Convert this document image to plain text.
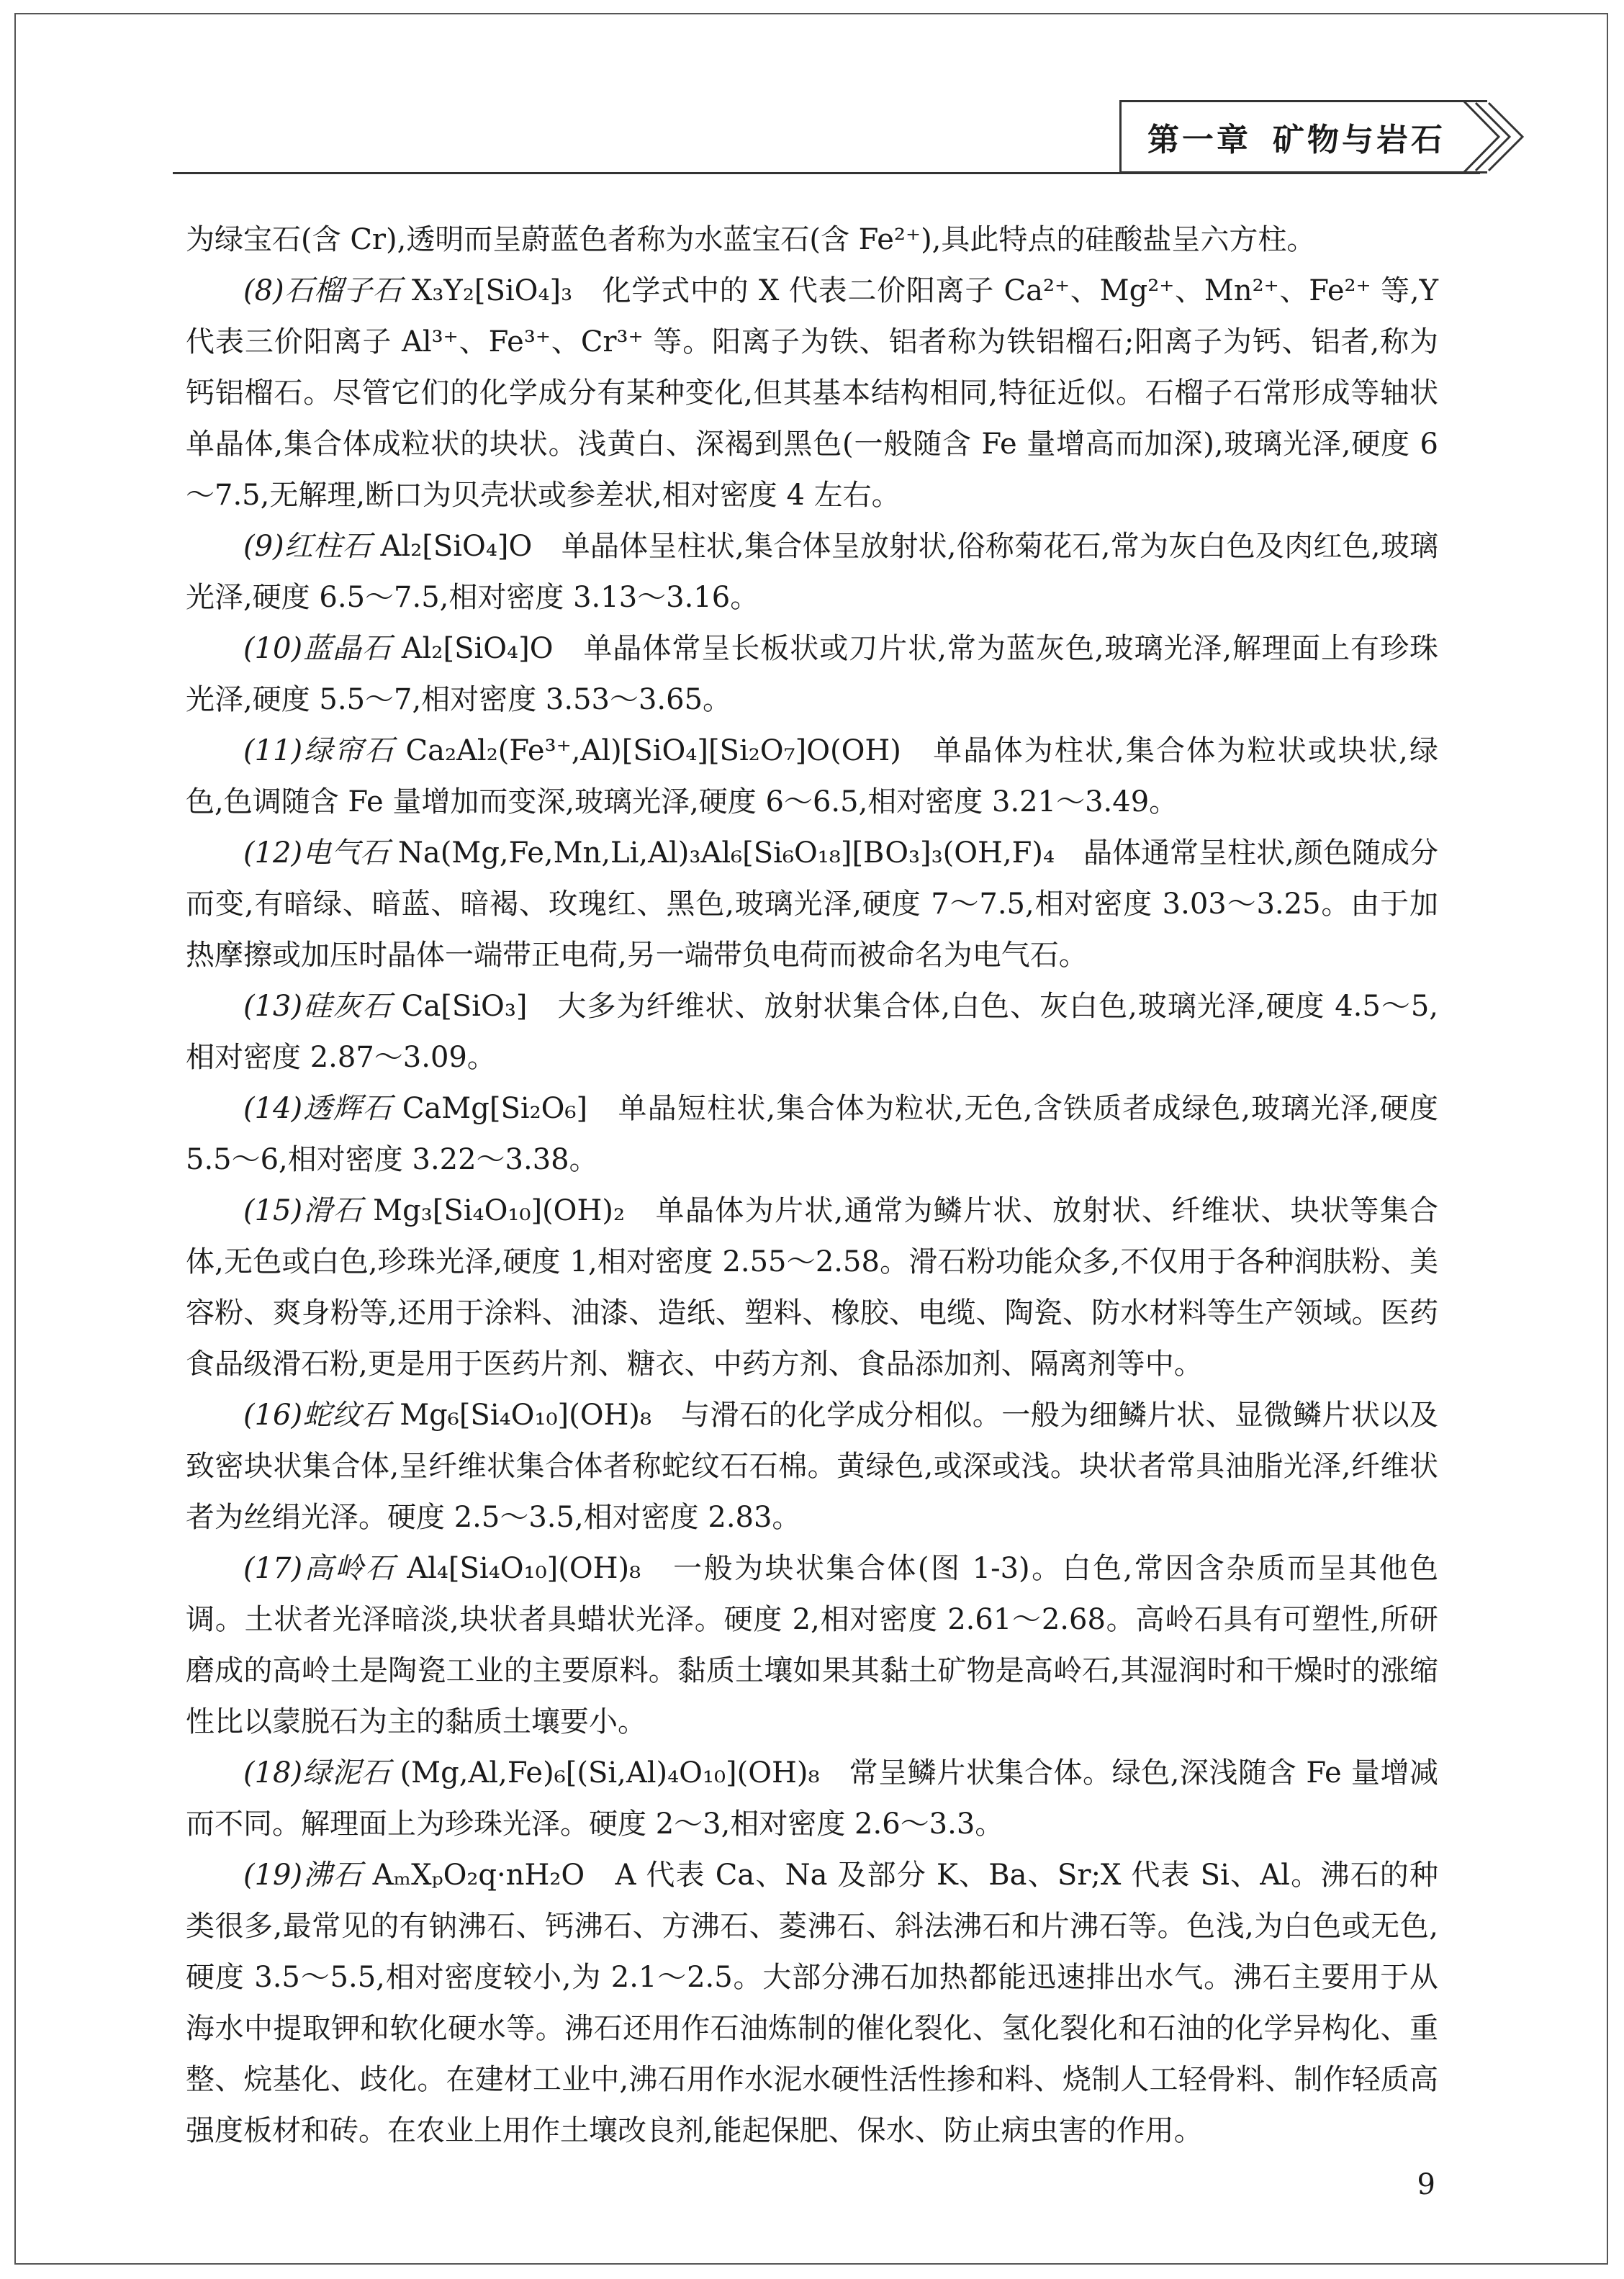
第一章 矿物与岩石

为绿宝石(含 Cr),透明而呈蔚蓝色者称为水蓝宝石(含 Fe²⁺),具此特点的硅酸盐呈六方柱。

(8)石榴子石 X₃Y₂[SiO₄]₃　化学式中的 X 代表二价阳离子 Ca²⁺、Mg²⁺、Mn²⁺、Fe²⁺ 等,Y 代表三价阳离子 Al³⁺、Fe³⁺、Cr³⁺ 等。阳离子为铁、铝者称为铁铝榴石;阳离子为钙、铝者,称为钙铝榴石。尽管它们的化学成分有某种变化,但其基本结构相同,特征近似。石榴子石常形成等轴状单晶体,集合体成粒状的块状。浅黄白、深褐到黑色(一般随含 Fe 量增高而加深),玻璃光泽,硬度 6～7.5,无解理,断口为贝壳状或参差状,相对密度 4 左右。

(9)红柱石 Al₂[SiO₄]O　单晶体呈柱状,集合体呈放射状,俗称菊花石,常为灰白色及肉红色,玻璃光泽,硬度 6.5～7.5,相对密度 3.13～3.16。

(10)蓝晶石 Al₂[SiO₄]O　单晶体常呈长板状或刀片状,常为蓝灰色,玻璃光泽,解理面上有珍珠光泽,硬度 5.5～7,相对密度 3.53～3.65。

(11)绿帘石 Ca₂Al₂(Fe³⁺,Al)[SiO₄][Si₂O₇]O(OH)　单晶体为柱状,集合体为粒状或块状,绿色,色调随含 Fe 量增加而变深,玻璃光泽,硬度 6～6.5,相对密度 3.21～3.49。

(12)电气石 Na(Mg,Fe,Mn,Li,Al)₃Al₆[Si₆O₁₈][BO₃]₃(OH,F)₄　晶体通常呈柱状,颜色随成分而变,有暗绿、暗蓝、暗褐、玫瑰红、黑色,玻璃光泽,硬度 7～7.5,相对密度 3.03～3.25。由于加热摩擦或加压时晶体一端带正电荷,另一端带负电荷而被命名为电气石。

(13)硅灰石 Ca[SiO₃]　大多为纤维状、放射状集合体,白色、灰白色,玻璃光泽,硬度 4.5～5,相对密度 2.87～3.09。

(14)透辉石 CaMg[Si₂O₆]　单晶短柱状,集合体为粒状,无色,含铁质者成绿色,玻璃光泽,硬度 5.5～6,相对密度 3.22～3.38。

(15)滑石 Mg₃[Si₄O₁₀](OH)₂　单晶体为片状,通常为鳞片状、放射状、纤维状、块状等集合体,无色或白色,珍珠光泽,硬度 1,相对密度 2.55～2.58。滑石粉功能众多,不仅用于各种润肤粉、美容粉、爽身粉等,还用于涂料、油漆、造纸、塑料、橡胶、电缆、陶瓷、防水材料等生产领域。医药食品级滑石粉,更是用于医药片剂、糖衣、中药方剂、食品添加剂、隔离剂等中。

(16)蛇纹石 Mg₆[Si₄O₁₀](OH)₈　与滑石的化学成分相似。一般为细鳞片状、显微鳞片状以及致密块状集合体,呈纤维状集合体者称蛇纹石石棉。黄绿色,或深或浅。块状者常具油脂光泽,纤维状者为丝绢光泽。硬度 2.5～3.5,相对密度 2.83。

(17)高岭石 Al₄[Si₄O₁₀](OH)₈　一般为块状集合体(图 1-3)。白色,常因含杂质而呈其他色调。土状者光泽暗淡,块状者具蜡状光泽。硬度 2,相对密度 2.61～2.68。高岭石具有可塑性,所研磨成的高岭土是陶瓷工业的主要原料。黏质土壤如果其黏土矿物是高岭石,其湿润时和干燥时的涨缩性比以蒙脱石为主的黏质土壤要小。

(18)绿泥石 (Mg,Al,Fe)₆[(Si,Al)₄O₁₀](OH)₈　常呈鳞片状集合体。绿色,深浅随含 Fe 量增减而不同。解理面上为珍珠光泽。硬度 2～3,相对密度 2.6～3.3。

(19)沸石 AₘXₚO₂q·nH₂O　A 代表 Ca、Na 及部分 K、Ba、Sr;X 代表 Si、Al。沸石的种类很多,最常见的有钠沸石、钙沸石、方沸石、菱沸石、斜法沸石和片沸石等。色浅,为白色或无色,硬度 3.5～5.5,相对密度较小,为 2.1～2.5。大部分沸石加热都能迅速排出水气。沸石主要用于从海水中提取钾和软化硬水等。沸石还用作石油炼制的催化裂化、氢化裂化和石油的化学异构化、重整、烷基化、歧化。在建材工业中,沸石用作水泥水硬性活性掺和料、烧制人工轻骨料、制作轻质高强度板材和砖。在农业上用作土壤改良剂,能起保肥、保水、防止病虫害的作用。

9
